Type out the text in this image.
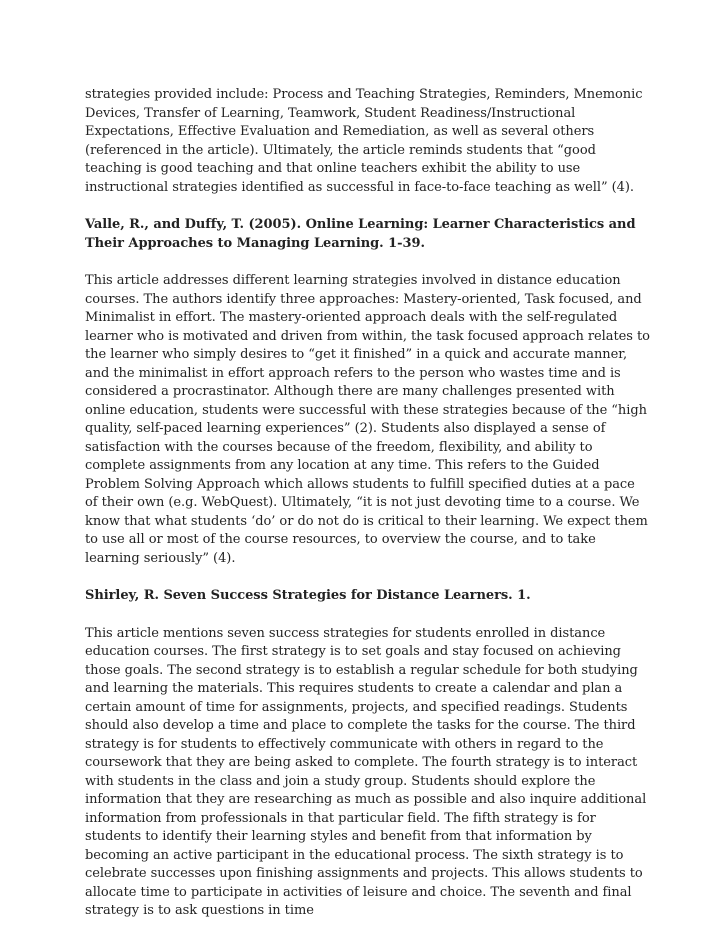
strategies provided include: Process and Teaching Strategies, Reminders, Mnemonic Devices, Transfer of Learning, Teamwork, Student Readiness/Instructional Expectations, Effective Evaluation and Remediation, as well as several others (referenced in the article). Ultimately, the article reminds students that “good teaching is good teaching and that online teachers exhibit the ability to use instructional strategies identified as successful in face-to-face teaching as well” (4).

Valle, R., and Duffy, T. (2005). Online Learning: Learner Characteristics and Their Approaches to Managing Learning. 1-39.

This article addresses different learning strategies involved in distance education courses. The authors identify three approaches: Mastery-oriented, Task focused, and Minimalist in effort. The mastery-oriented approach deals with the self-regulated learner who is motivated and driven from within, the task focused approach relates to the learner who simply desires to “get it finished” in a quick and accurate manner, and the minimalist in effort approach refers to the person who wastes time and is considered a procrastinator. Although there are many challenges presented with online education, students were successful with these strategies because of the “high quality, self-paced learning experiences” (2). Students also displayed a sense of satisfaction with the courses because of the freedom, flexibility, and ability to complete assignments from any location at any time. This refers to the Guided Problem Solving Approach which allows students to fulfill specified duties at a pace of their own (e.g. WebQuest). Ultimately, “it is not just devoting time to a course. We know that what students ‘do’ or do not do is critical to their learning. We expect them to use all or most of the course resources, to overview the course, and to take learning seriously” (4).

Shirley, R. Seven Success Strategies for Distance Learners. 1.

This article mentions seven success strategies for students enrolled in distance education courses. The first strategy is to set goals and stay focused on achieving those goals. The second strategy is to establish a regular schedule for both studying and learning the materials. This requires students to create a calendar and plan a certain amount of time for assignments, projects, and specified readings. Students should also develop a time and place to complete the tasks for the course. The third strategy is for students to effectively communicate with others in regard to the coursework that they are being asked to complete. The fourth strategy is to interact with students in the class and join a study group. Students should explore the information that they are researching as much as possible and also inquire additional information from professionals in that particular field. The fifth strategy is for students to identify their learning styles and benefit from that information by becoming an active participant in the educational process. The sixth strategy is to celebrate successes upon finishing assignments and projects. This allows students to allocate time to participate in activities of leisure and choice. The seventh and final strategy is to ask questions in time
